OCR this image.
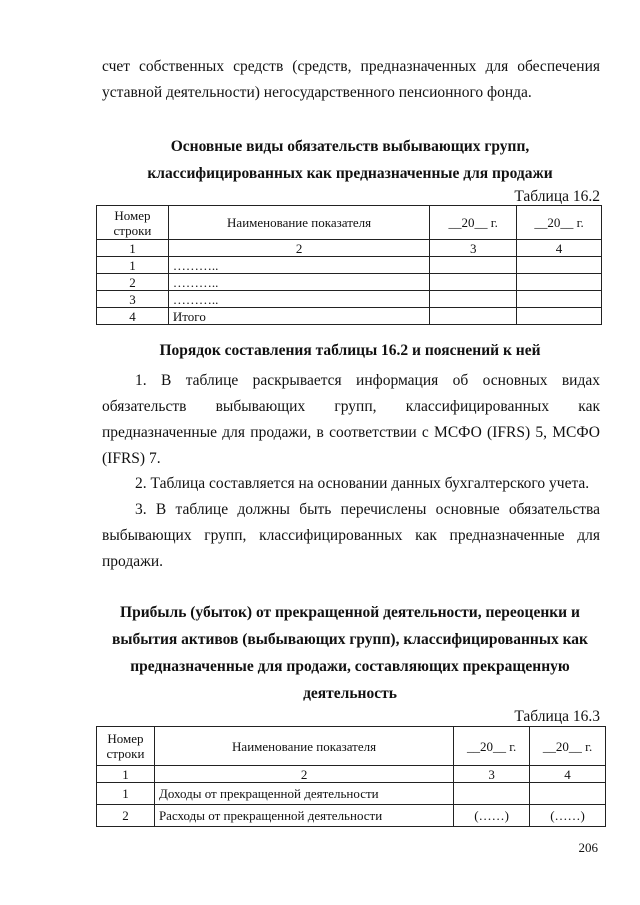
счет собственных средств (средств, предназначенных для обеспечения уставной деятельности) негосударственного пенсионного фонда.
Основные виды обязательств выбывающих групп,
классифицированных как предназначенные для продажи
Таблица 16.2
Номер строки	Наименование показателя	__20__ г.	__20__ г.
1	2	3	4
1	………..		
2	………..		
3	………..		
4	Итого		
Порядок составления таблицы 16.2 и пояснений к ней
1. В таблице раскрывается информация об основных видах обязательств выбывающих групп, классифицированных как предназначенные для продажи, в соответствии с МСФО (IFRS) 5, МСФО (IFRS) 7.
2. Таблица составляется на основании данных бухгалтерского учета.
3. В таблице должны быть перечислены основные обязательства выбывающих групп, классифицированных как предназначенные для продажи.
Прибыль (убыток) от прекращенной деятельности, переоценки и
выбытия активов (выбывающих групп), классифицированных как
предназначенные для продажи, составляющих прекращенную
деятельность
Таблица 16.3
Номер строки	Наименование показателя	__20__ г.	__20__ г.
1	2	3	4
1	Доходы от прекращенной деятельности		
2	Расходы от прекращенной деятельности	(……)	(……)
206
